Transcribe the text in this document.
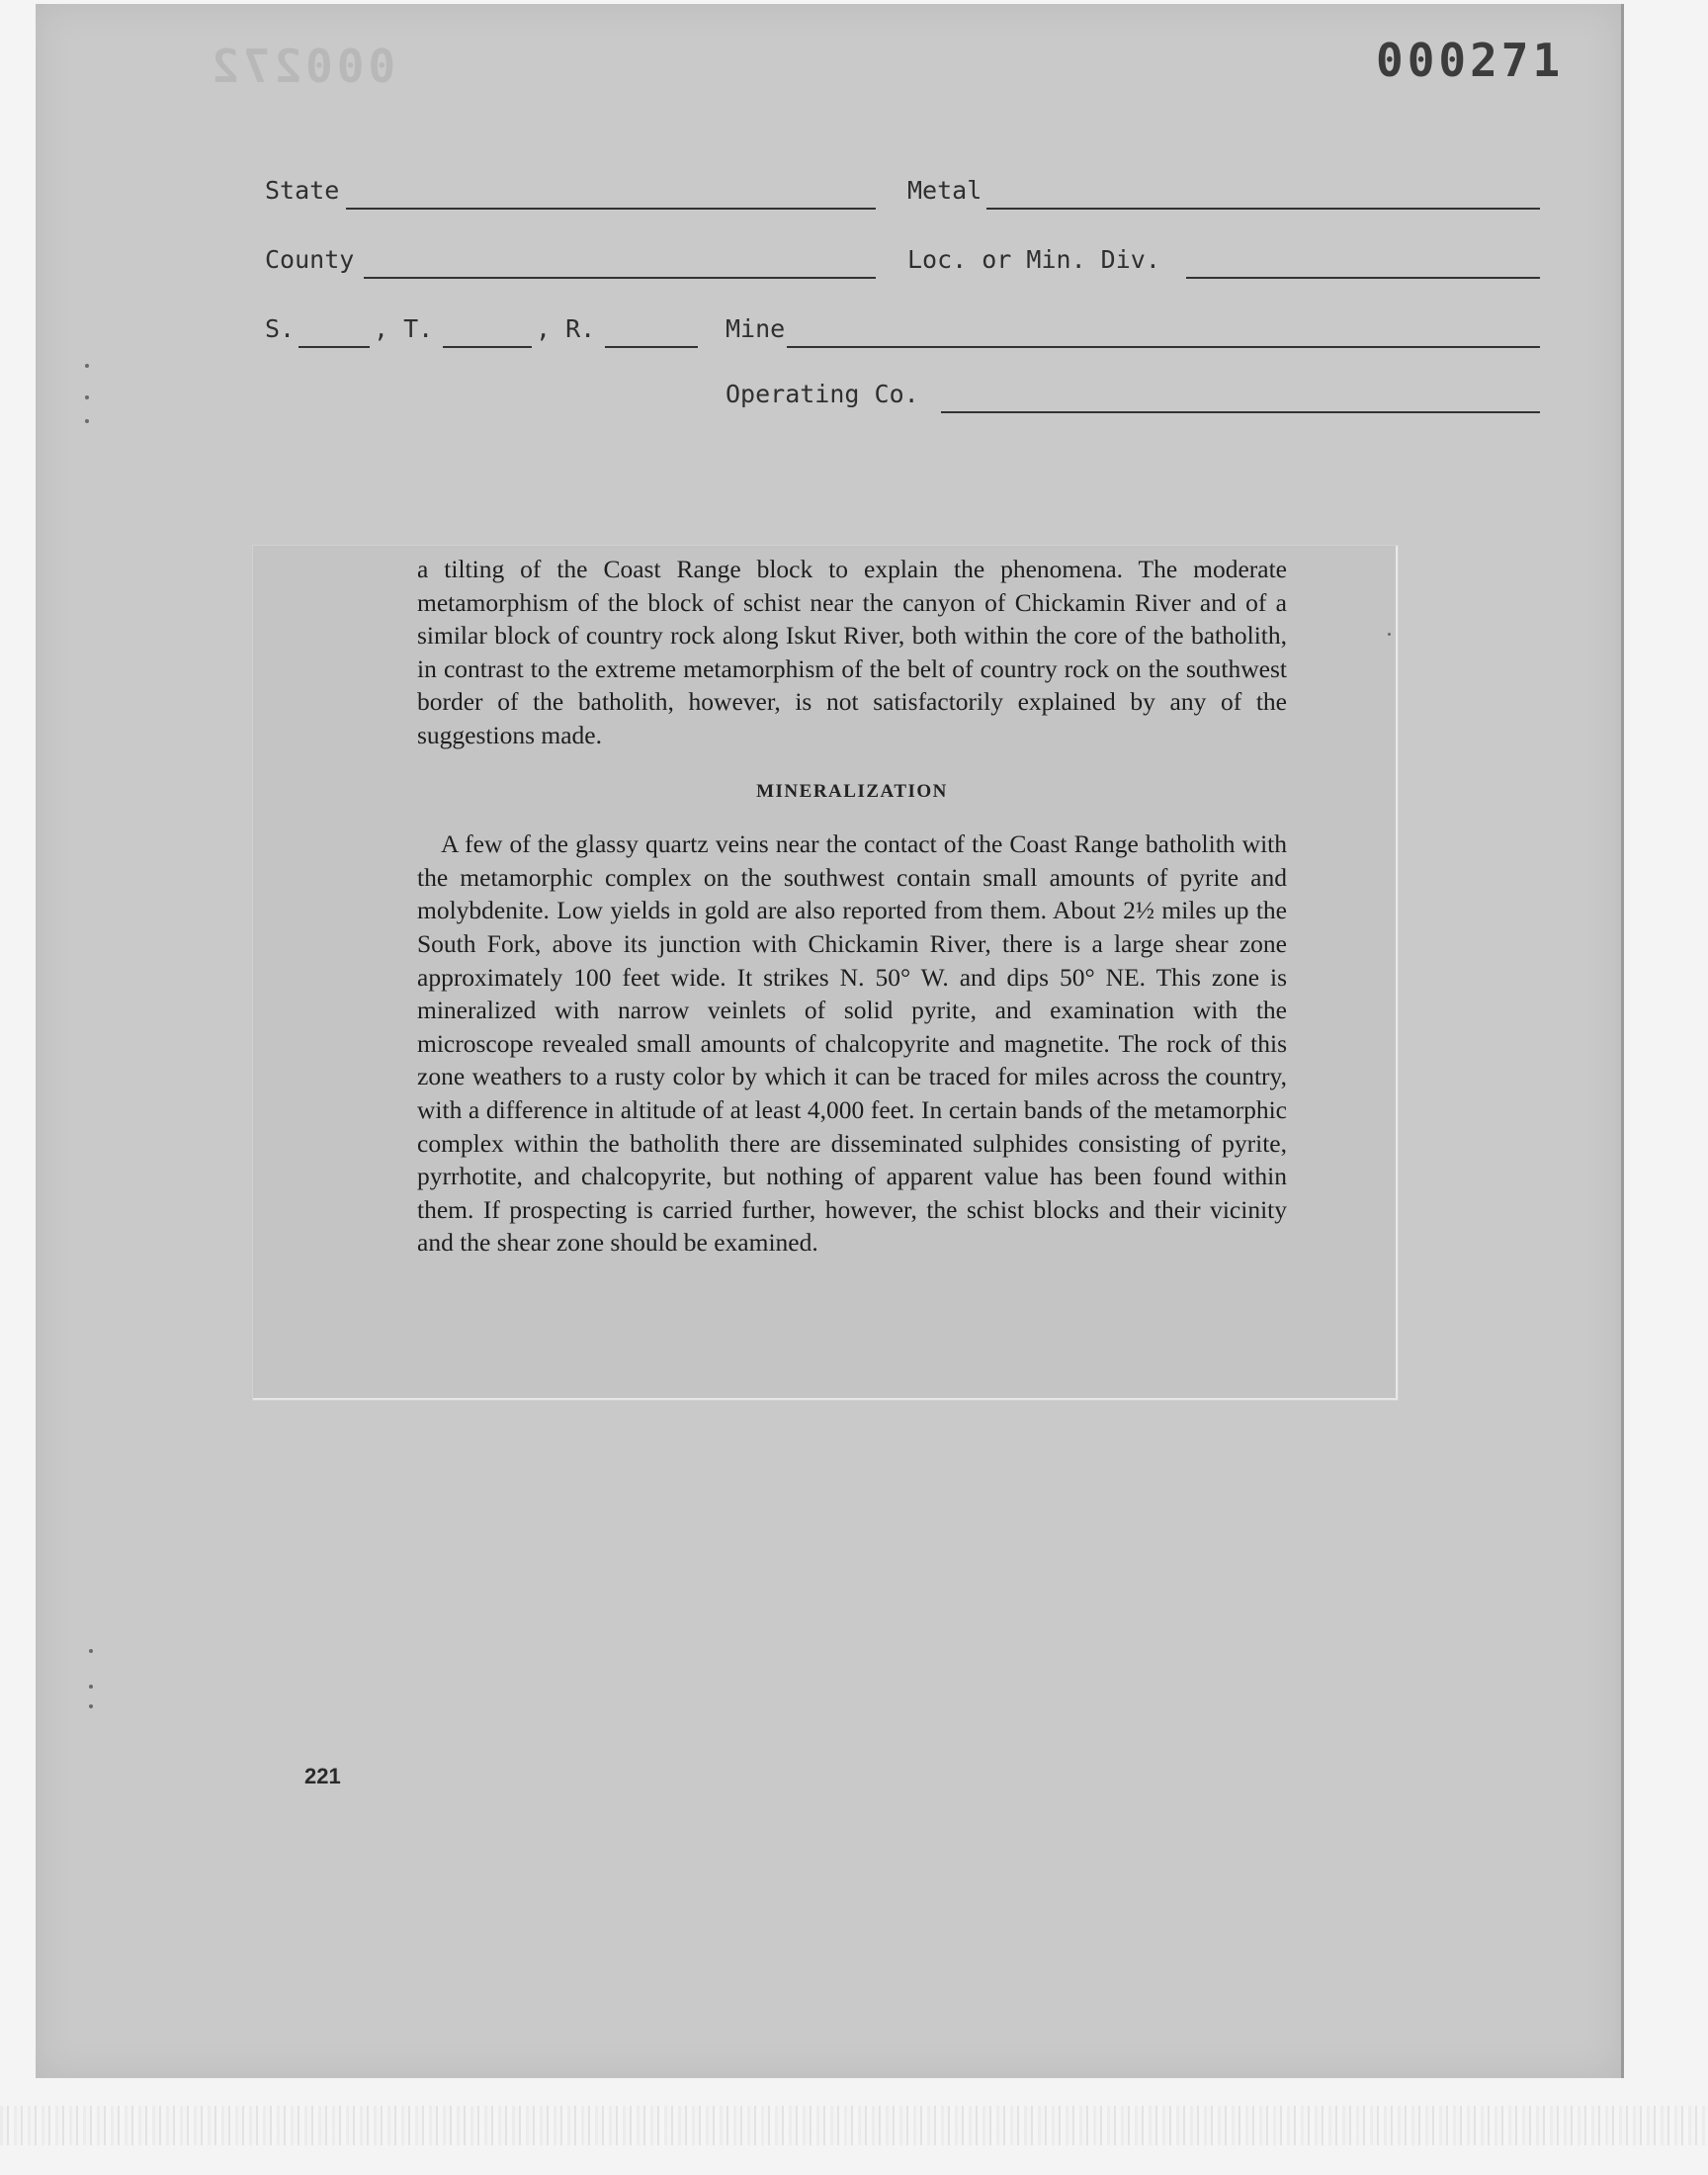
000272	000271
State	Metal
County	Loc. or Min. Div.
S.	, T.	, R.	Mine
Operating Co.

a tilting of the Coast Range block to explain the phenomena. The moderate metamorphism of the block of schist near the canyon of Chickamin River and of a similar block of country rock along Iskut River, both within the core of the batholith, in contrast to the extreme metamorphism of the belt of country rock on the southwest border of the batholith, however, is not satisfactorily explained by any of the suggestions made.

MINERALIZATION

A few of the glassy quartz veins near the contact of the Coast Range batholith with the metamorphic complex on the southwest contain small amounts of pyrite and molybdenite. Low yields in gold are also reported from them. About 2½ miles up the South Fork, above its junction with Chickamin River, there is a large shear zone approximately 100 feet wide. It strikes N. 50° W. and dips 50° NE. This zone is mineralized with narrow veinlets of solid pyrite, and examination with the microscope revealed small amounts of chalcopyrite and magnetite. The rock of this zone weathers to a rusty color by which it can be traced for miles across the country, with a difference in altitude of at least 4,000 feet. In certain bands of the metamorphic complex within the batholith there are disseminated sulphides consisting of pyrite, pyrrhotite, and chalcopyrite, but nothing of apparent value has been found within them. If prospecting is carried further, however, the schist blocks and their vicinity and the shear zone should be examined.

221
